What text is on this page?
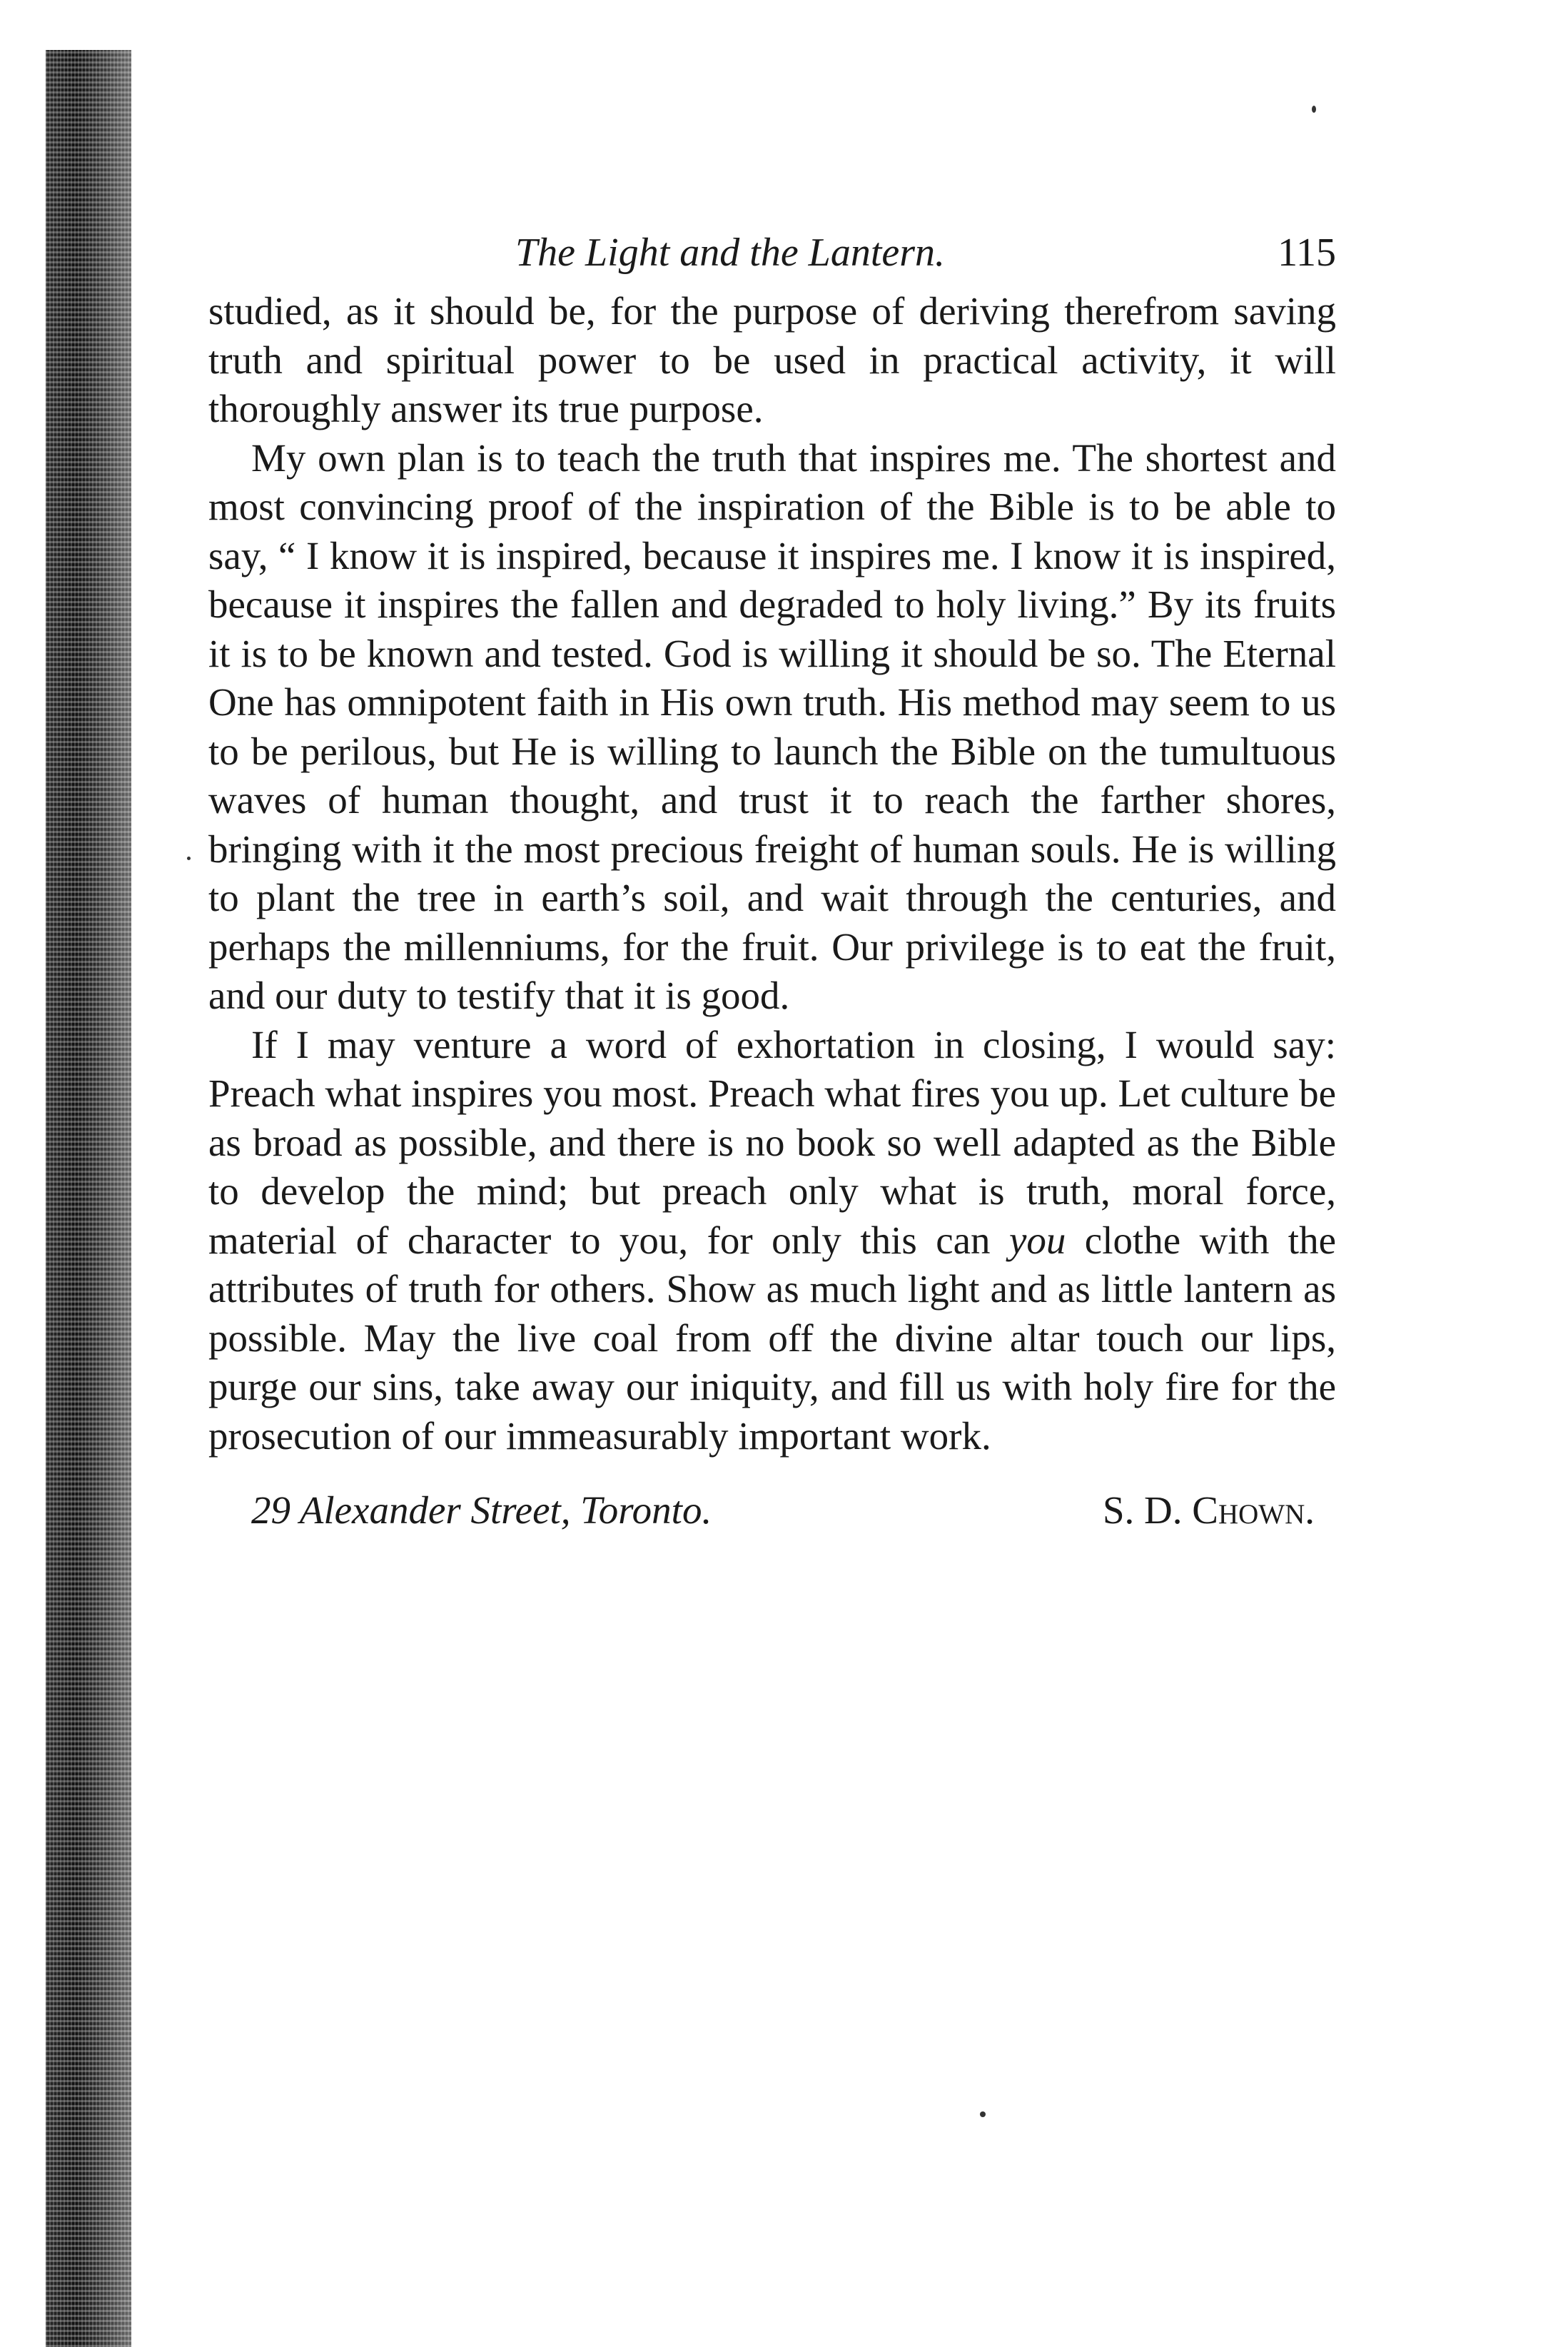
The Light and the Lantern.	115

studied, as it should be, for the purpose of deriving therefrom saving truth and spiritual power to be used in practical activity, it will thoroughly answer its true purpose.

My own plan is to teach the truth that inspires me. The shortest and most convincing proof of the inspiration of the Bible is to be able to say, “ I know it is inspired, because it inspires me. I know it is inspired, because it inspires the fallen and degraded to holy living.” By its fruits it is to be known and tested. God is willing it should be so. The Eternal One has omnipotent faith in His own truth. His method may seem to us to be perilous, but He is willing to launch the Bible on the tumultuous waves of human thought, and trust it to reach the farther shores, bringing with it the most precious freight of human souls. He is willing to plant the tree in earth’s soil, and wait through the centuries, and perhaps the millenniums, for the fruit. Our privilege is to eat the fruit, and our duty to testify that it is good.

If I may venture a word of exhortation in closing, I would say: Preach what inspires you most. Preach what fires you up. Let culture be as broad as possible, and there is no book so well adapted as the Bible to develop the mind; but preach only what is truth, moral force, material of character to you, for only this can you clothe with the attributes of truth for others. Show as much light and as little lantern as possible. May the live coal from off the divine altar touch our lips, purge our sins, take away our iniquity, and fill us with holy fire for the prosecution of our immeasurably important work.

29 Alexander Street, Toronto.	S. D. Chown.
